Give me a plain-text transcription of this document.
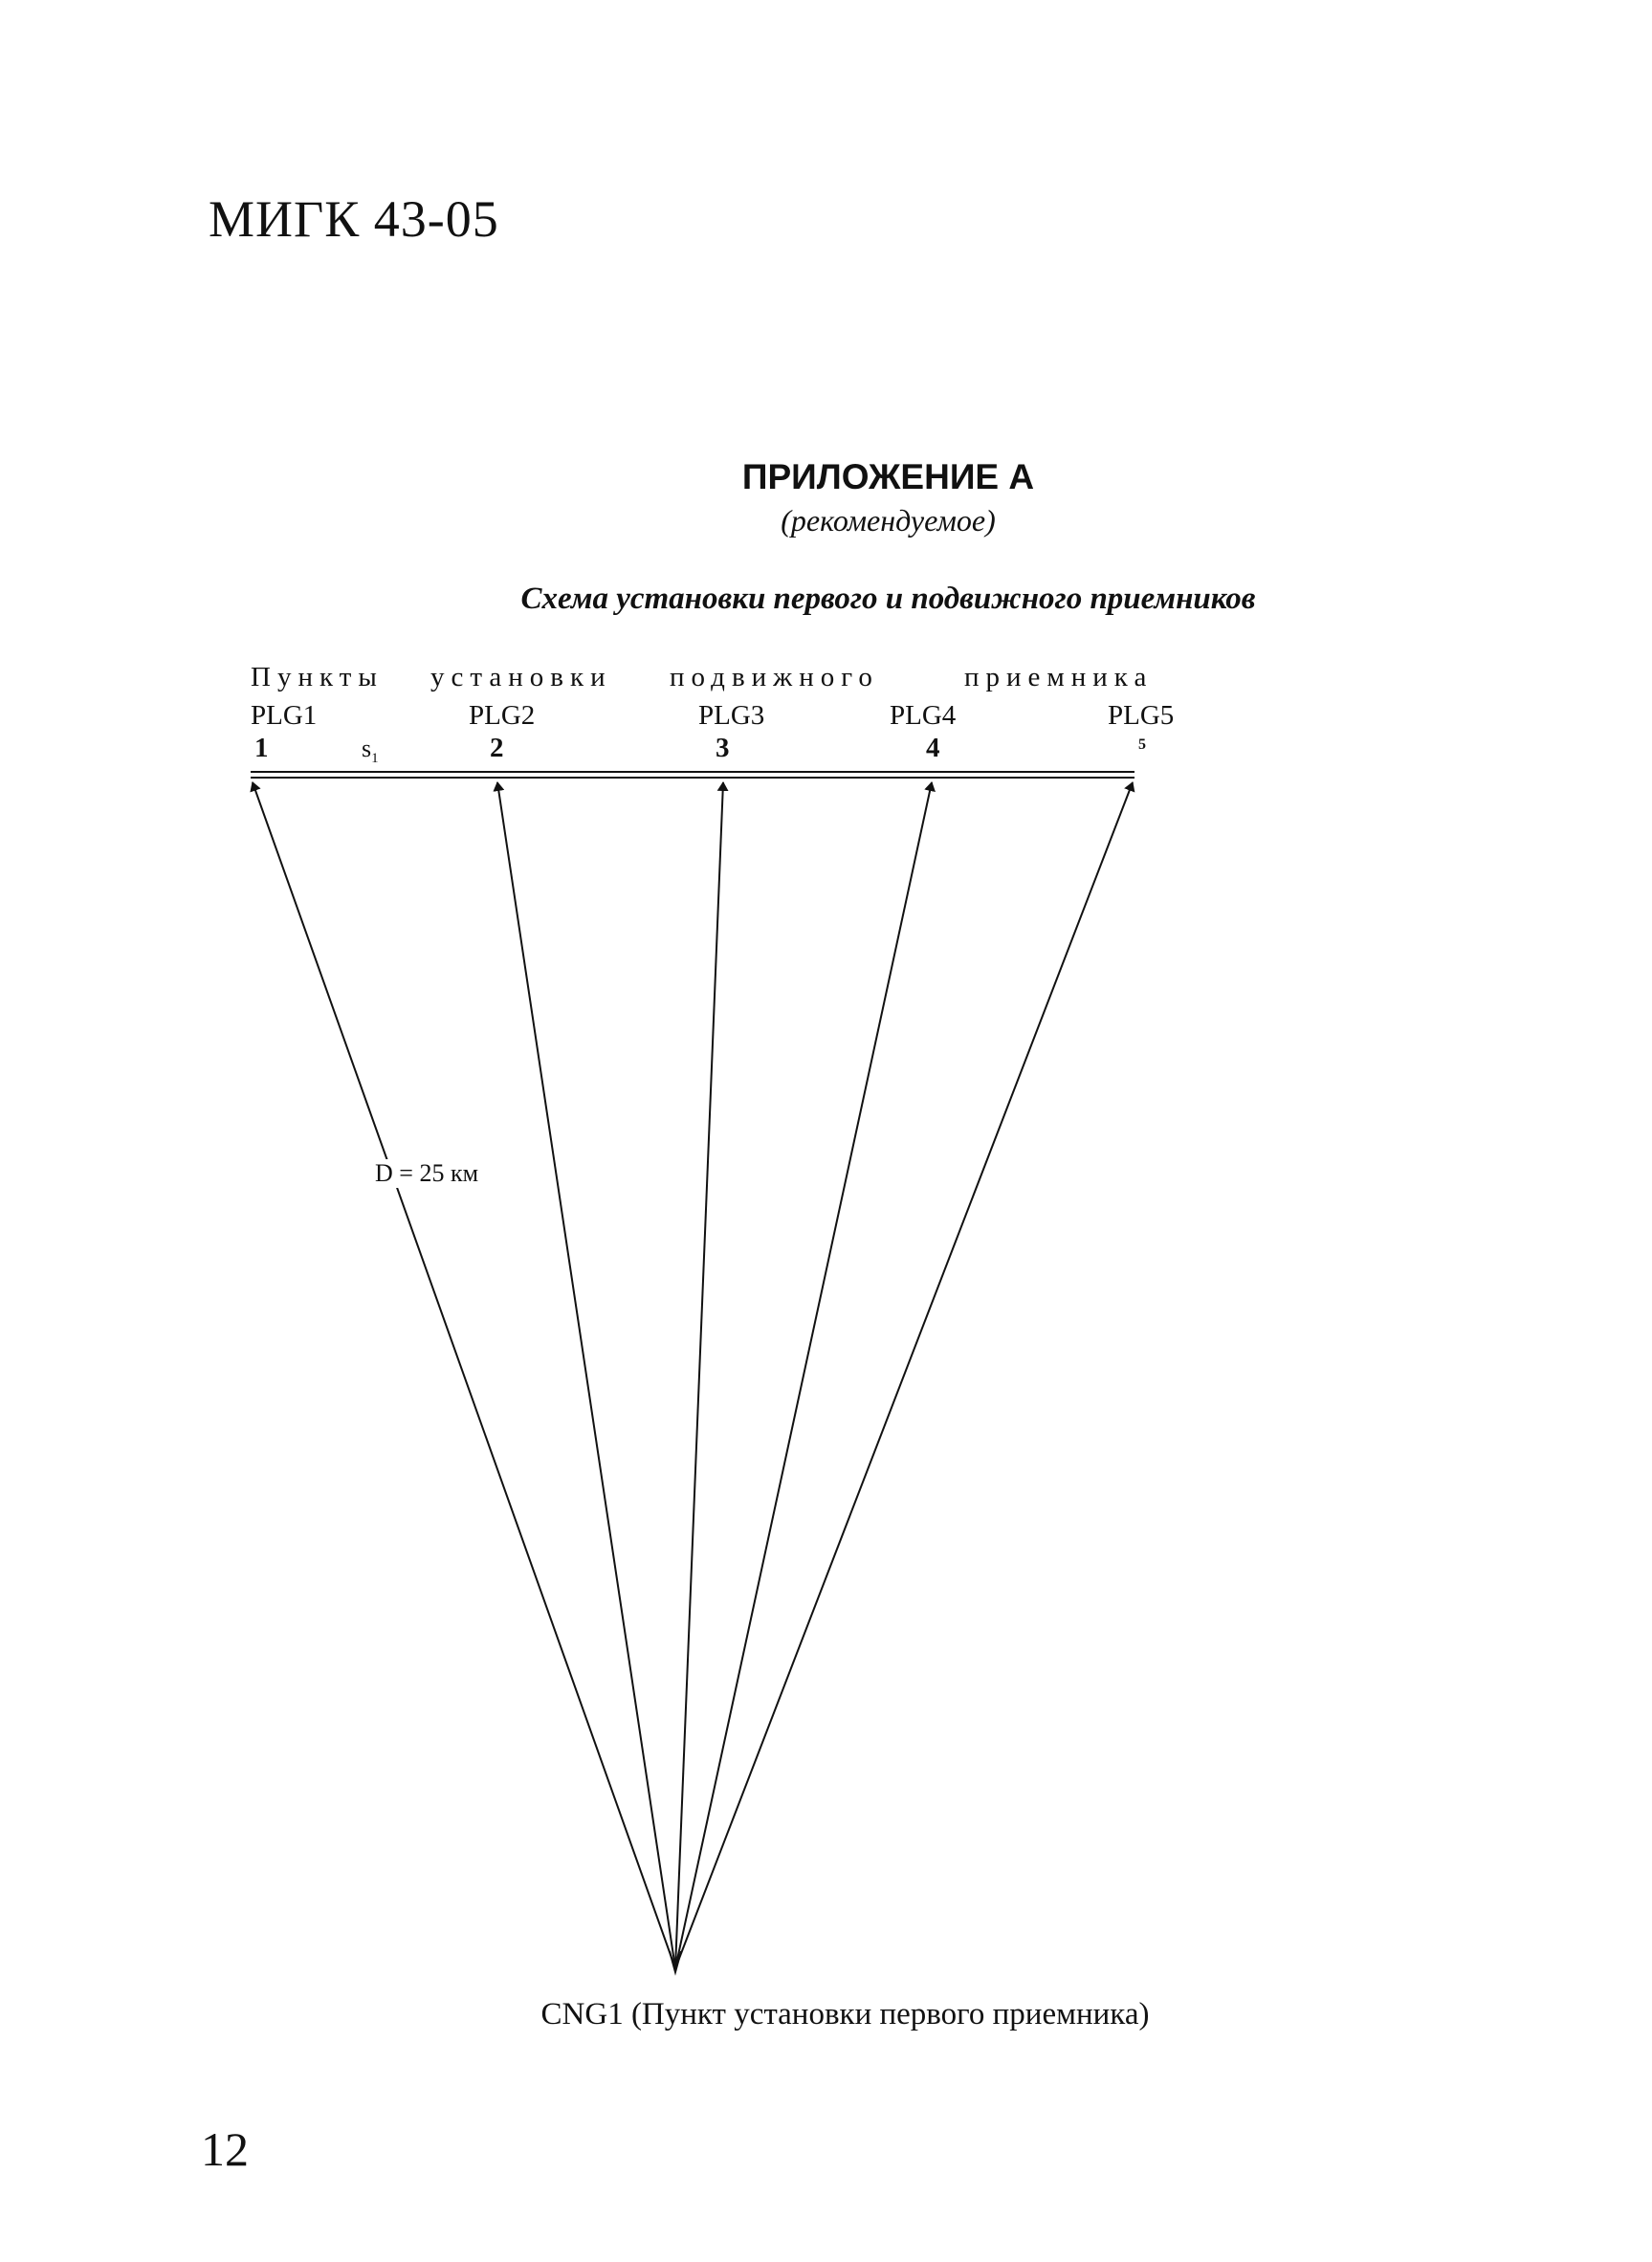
МИГК 43-05
ПРИЛОЖЕНИЕ А
(рекомендуемое)
Схема установки первого и подвижного приемников
Пункты установки подвижного	приемника
PLG1	PLG2	PLG3	PLG4	PLG5
1	2	3	4	5
$s_1$
D = 25 км
CNG1 (Пункт установки первого приемника)
12
